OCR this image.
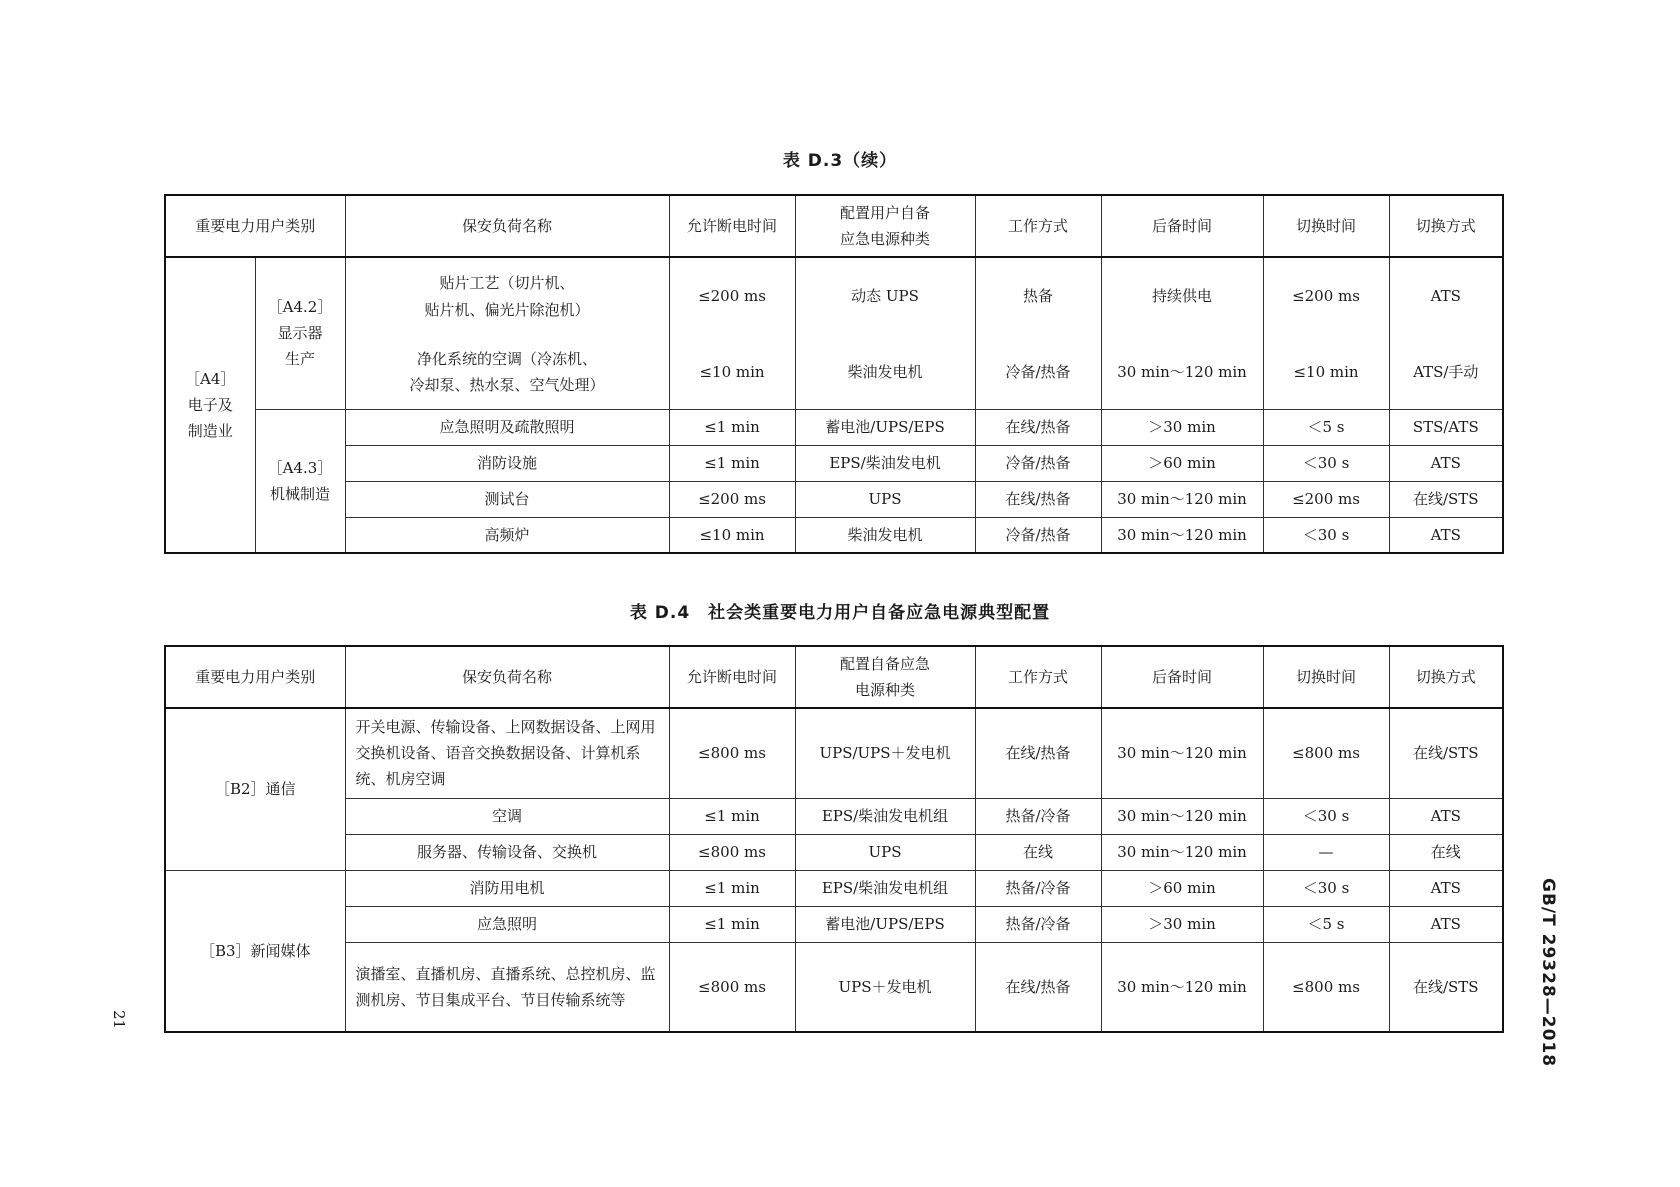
表 D.3（续）
重要电力用户类别		保安负荷名称	允许断电时间	配置用户自备
应急电源种类	工作方式	后备时间	切换时间	切换方式
［A4］
电子及
制造业	［A4.2］
显示器
生产	贴片工艺（切片机、
贴片机、偏光片除泡机）	≤200 ms	动态 UPS	热备	持续供电	≤200 ms	ATS
		净化系统的空调（冷冻机、
冷却泵、热水泵、空气处理）	≤10 min	柴油发电机	冷备/热备	30 min～120 min	≤10 min	ATS/手动
	［A4.3］
机械制造	应急照明及疏散照明	≤1 min	蓄电池/UPS/EPS	在线/热备	＞30 min	＜5 s	STS/ATS
		消防设施	≤1 min	EPS/柴油发电机	冷备/热备	＞60 min	＜30 s	ATS
		测试台	≤200 ms	UPS	在线/热备	30 min～120 min	≤200 ms	在线/STS
		高频炉	≤10 min	柴油发电机	冷备/热备	30 min～120 min	＜30 s	ATS
表 D.4　社会类重要电力用户自备应急电源典型配置
重要电力用户类别	保安负荷名称	允许断电时间	配置自备应急
电源种类	工作方式	后备时间	切换时间	切换方式
［B2］通信	开关电源、传输设备、上网数据设备、上网用交换机设备、语音交换数据设备、计算机系统、机房空调	≤800 ms	UPS/UPS＋发电机	在线/热备	30 min～120 min	≤800 ms	在线/STS
	空调	≤1 min	EPS/柴油发电机组	热备/冷备	30 min～120 min	＜30 s	ATS
	服务器、传输设备、交换机	≤800 ms	UPS	在线	30 min～120 min	—	在线
［B3］新闻媒体	消防用电机	≤1 min	EPS/柴油发电机组	热备/冷备	＞60 min	＜30 s	ATS
	应急照明	≤1 min	蓄电池/UPS/EPS	热备/冷备	＞30 min	＜5 s	ATS
	演播室、直播机房、直播系统、总控机房、监测机房、节目集成平台、节目传输系统等	≤800 ms	UPS＋发电机	在线/热备	30 min～120 min	≤800 ms	在线/STS
21	GB/T 29328—2018
